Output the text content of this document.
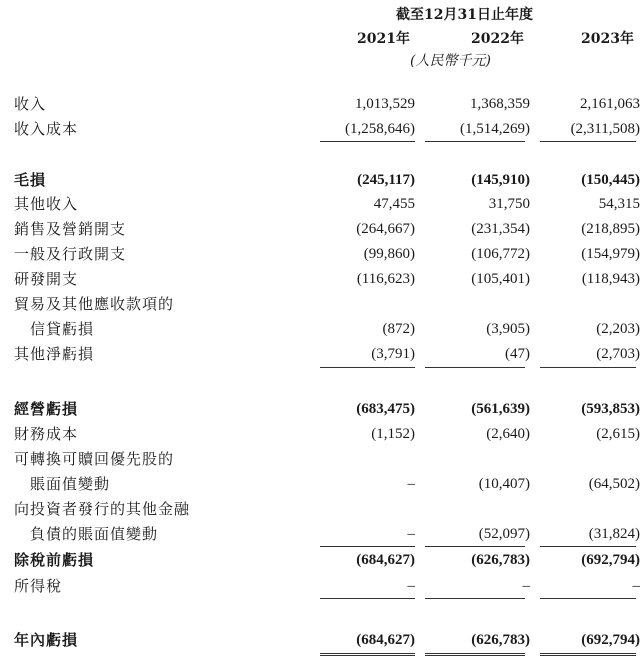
截至12月31日止年度
2021年	2022年	2023年
(人民幣千元)
收入	1,013,529	1,368,359	2,161,063
收入成本	(1,258,646)	(1,514,269)	(2,311,508)
毛損	(245,117)	(145,910)	(150,445)
其他收入	47,455	31,750	54,315
銷售及營銷開支	(264,667)	(231,354)	(218,895)
一般及行政開支	(99,860)	(106,772)	(154,979)
研發開支	(116,623)	(105,401)	(118,943)
貿易及其他應收款項的
信貸虧損	(872)	(3,905)	(2,203)
其他淨虧損	(3,791)	(47)	(2,703)
經營虧損	(683,475)	(561,639)	(593,853)
財務成本	(1,152)	(2,640)	(2,615)
可轉換可贖回優先股的
賬面值變動	–	(10,407)	(64,502)
向投資者發行的其他金融
負債的賬面值變動	–	(52,097)	(31,824)
除稅前虧損	(684,627)	(626,783)	(692,794)
所得稅	–	–	–
年內虧損	(684,627)	(626,783)	(692,794)
